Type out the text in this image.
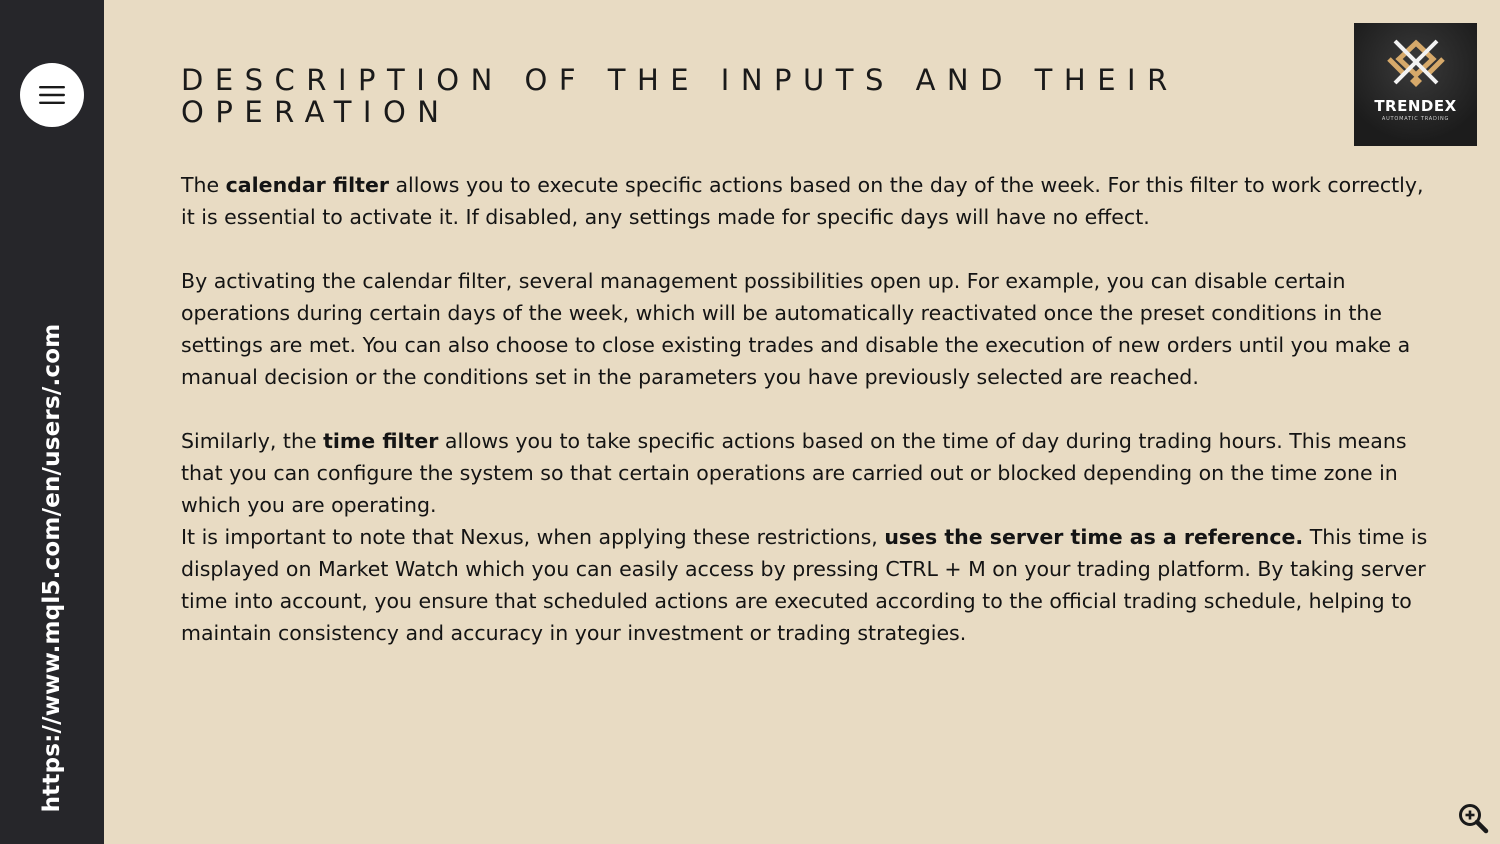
https://www.mql5.com/en/users/.com
DESCRIPTION OF THE INPUTS AND THEIR OPERATION	TRENDEX
AUTOMATIC TRADING

The calendar filter allows you to execute specific actions based on the day of the week. For this filter to work correctly, it is essential to activate it. If disabled, any settings made for specific days will have no effect.

By activating the calendar filter, several management possibilities open up. For example, you can disable certain operations during certain days of the week, which will be automatically reactivated once the preset conditions in the settings are met. You can also choose to close existing trades and disable the execution of new orders until you make a manual decision or the conditions set in the parameters you have previously selected are reached.

Similarly, the time filter allows you to take specific actions based on the time of day during trading hours. This means that you can configure the system so that certain operations are carried out or blocked depending on the time zone in which you are operating.

It is important to note that Nexus, when applying these restrictions, uses the server time as a reference. This time is displayed on Market Watch which you can easily access by pressing CTRL + M on your trading platform. By taking server time into account, you ensure that scheduled actions are executed according to the official trading schedule, helping to maintain consistency and accuracy in your investment or trading strategies.
